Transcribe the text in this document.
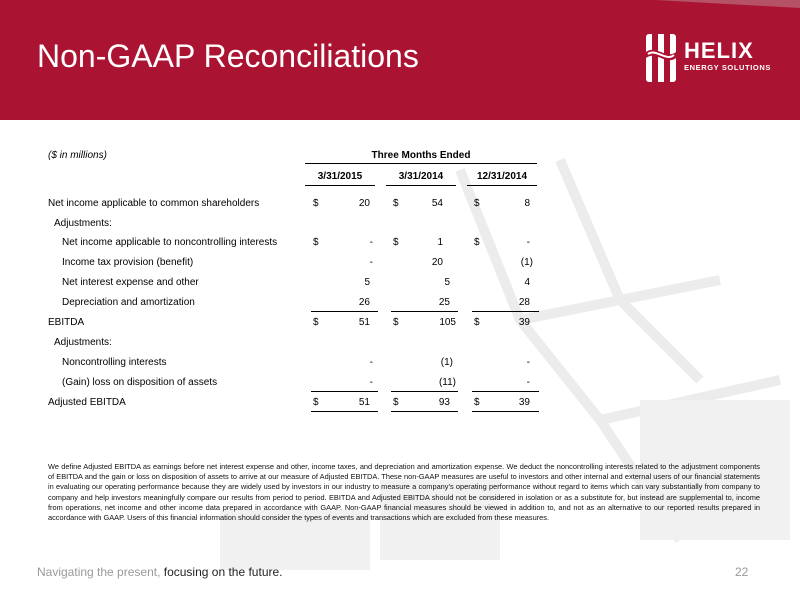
Non-GAAP Reconciliations	HELIX
ENERGY SOLUTIONS
($ in millions)	Three Months Ended
3/31/2015	3/31/2014	12/31/2014
Net income applicable to common shareholders	$	20 $	54	$	8
Adjustments:
Net income applicable to noncontrolling interests	$	- $	1	$	-
Income tax provision (benefit)	-	20	(1)
Net interest expense and other	5	5	4
Depreciation and amortization	26	25	28
EBITDA	$	51 $	105 $	39
Adjustments:
Noncontrolling interests	-	(1)	-
(Gain) loss on disposition of assets	-	(11)	-
Adjusted EBITDA	$	51 $	93 $	39
We define Adjusted EBITDA as earnings before net interest expense and other, income taxes, and depreciation and amortization expense. We deduct the noncontrolling interests related to the adjustment components of EBITDA and the gain or loss on disposition of assets to arrive at our measure of Adjusted EBITDA. These non-GAAP measures are useful to investors and other internal and external users of our financial statements in evaluating our operating performance because they are widely used by investors in our industry to measure a company’s operating performance without regard to items which can vary substantially from company to company and help investors meaningfully compare our results from period to period. EBITDA and Adjusted EBITDA should not be considered in isolation or as a substitute for, but instead are supplemental to, income from operations, net income and other income data prepared in accordance with GAAP. Non-GAAP financial measures should be viewed in addition to, and not as an alternative to our reported results prepared in accordance with GAAP. Users of this financial information should consider the types of events and transactions which are excluded from these measures.
Navigating the present, focusing on the future.	22
